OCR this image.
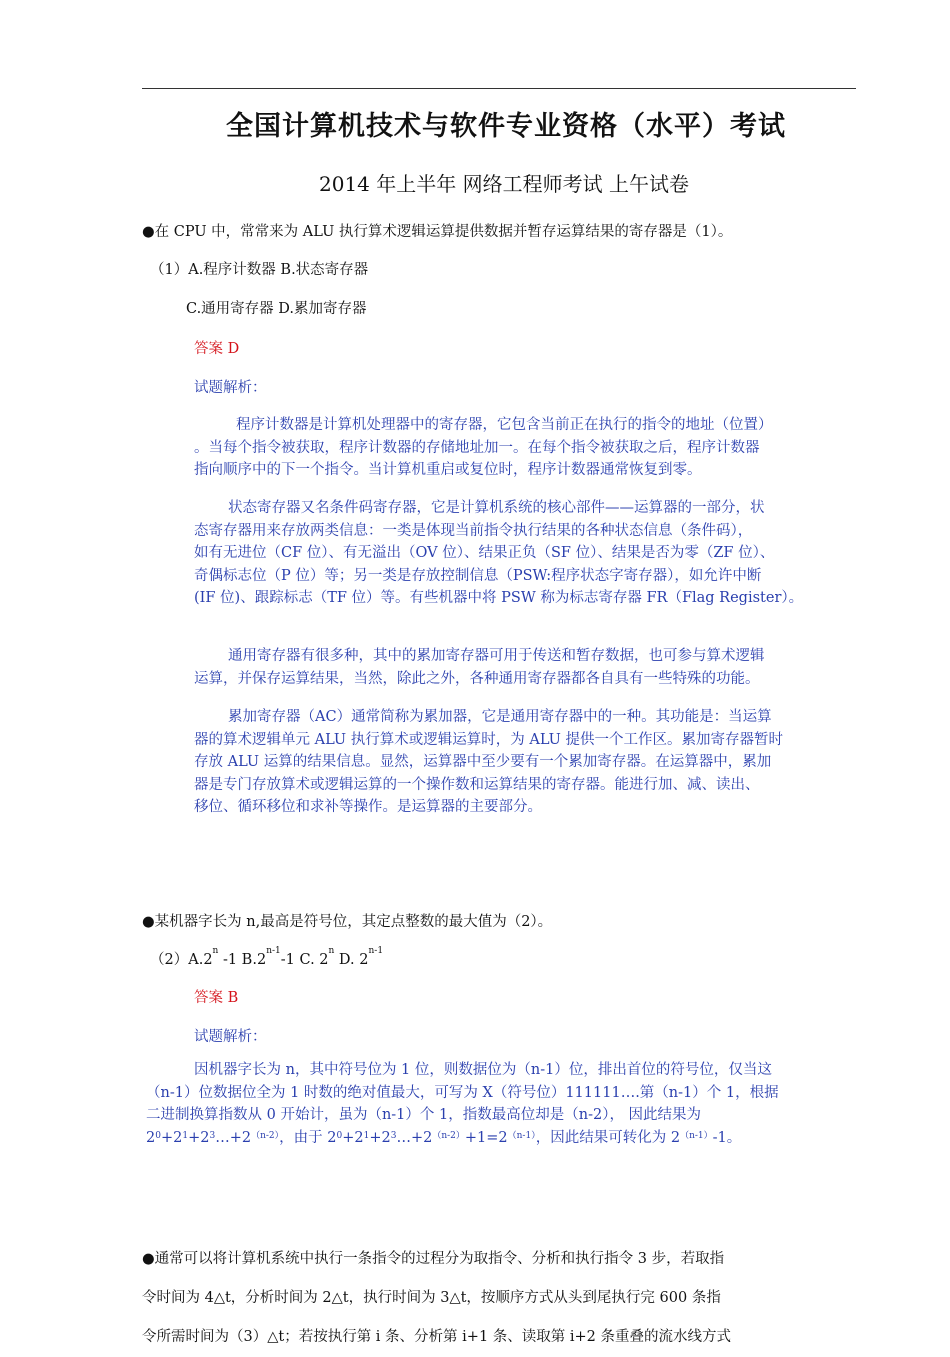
全国计算机技术与软件专业资格（水平）考试
2014 年上半年 网络工程师考试 上午试卷
●在 CPU 中，常常来为 ALU 执行算术逻辑运算提供数据并暂存运算结果的寄存器是（1）。
（1）A.程序计数器 B.状态寄存器
C.通用寄存器 D.累加寄存器
答案 D
试题解析：
程序计数器是计算机处理器中的寄存器，它包含当前正在执行的指令的地址（位置）
。当每个指令被获取，程序计数器的存储地址加一。在每个指令被获取之后，程序计数器
指向顺序中的下一个指令。当计算机重启或复位时，程序计数器通常恢复到零。
状态寄存器又名条件码寄存器，它是计算机系统的核心部件——运算器的一部分，状
态寄存器用来存放两类信息：一类是体现当前指令执行结果的各种状态信息（条件码），
如有无进位（CF 位）、有无溢出（OV 位）、结果正负（SF 位）、结果是否为零（ZF 位）、
奇偶标志位（P 位）等；另一类是存放控制信息（PSW:程序状态字寄存器），如允许中断
(IF 位)、跟踪标志（TF 位）等。有些机器中将 PSW 称为标志寄存器 FR（Flag Register）。
通用寄存器有很多种，其中的累加寄存器可用于传送和暂存数据，也可参与算术逻辑
运算，并保存运算结果，当然，除此之外，各种通用寄存器都各自具有一些特殊的功能。
累加寄存器（AC）通常简称为累加器，它是通用寄存器中的一种。其功能是：当运算
器的算术逻辑单元 ALU 执行算术或逻辑运算时，为 ALU 提供一个工作区。累加寄存器暂时
存放 ALU 运算的结果信息。显然，运算器中至少要有一个累加寄存器。在运算器中，累加
器是专门存放算术或逻辑运算的一个操作数和运算结果的寄存器。能进行加、减、读出、
移位、循环移位和求补等操作。是运算器的主要部分。
●某机器字长为 n,最高是符号位，其定点整数的最大值为（2）。
（2）A.2$^n$ -1 B.2$^{n-1}$-1 C. 2$^n$ D. 2$^{n-1}$
答案 B
试题解析：
因机器字长为 n，其中符号位为 1 位，则数据位为（n-1）位，排出首位的符号位，仅当这
（n-1）位数据位全为 1 时数的绝对值最大，可写为 X（符号位）111111….第（n-1）个 1，根据
二进制换算指数从 0 开始计，虽为（n-1）个 1，指数最高位却是（n-2）， 因此结果为
$2^0+2^1+2^3\dots+2^{(n-2)}$，由于 $2^0+2^1+2^3\dots+2^{(n-2)}+1=2^{(n-1)}$，因此结果可转化为 $2^{(n-1)}-1$。
●通常可以将计算机系统中执行一条指令的过程分为取指令、分析和执行指令 3 步，若取指
令时间为 4△t，分析时间为 2△t，执行时间为 3△t，按顺序方式从头到尾执行完 600 条指
令所需时间为（3）△t；若按执行第 i 条、分析第 i+1 条、读取第 i+2 条重叠的流水线方式
